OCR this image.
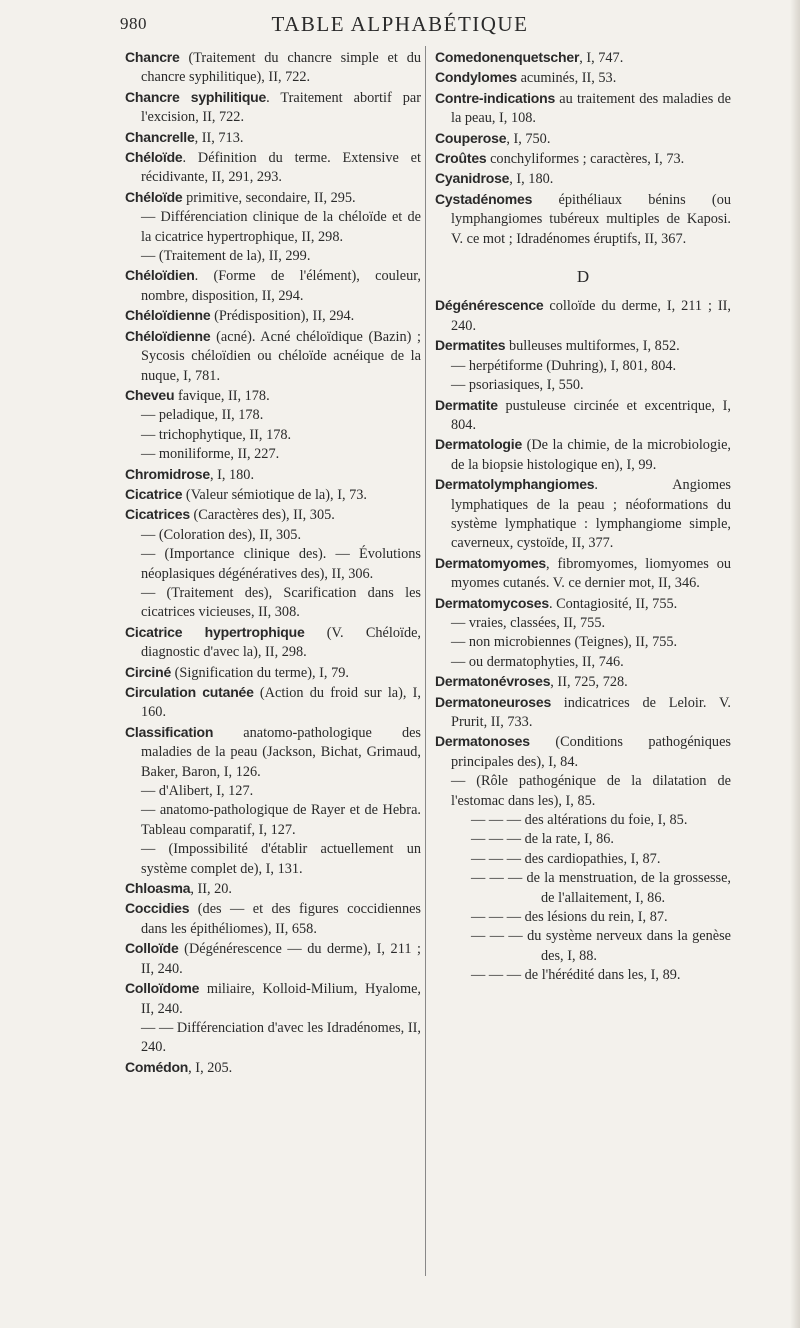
980	TABLE ALPHABÉTIQUE
Chancre (Traitement du chancre simple et du chancre syphilitique), II, 722.
Chancre syphilitique. Traitement abortif par l'excision, II, 722.
Chancrelle, II, 713.
Chéloïde. Définition du terme. Extensive et récidivante, II, 291, 293.
Chéloïde primitive, secondaire, II, 295.
— Différenciation clinique de la chéloïde et de la cicatrice hypertrophique, II, 298.
— (Traitement de la), II, 299.
Chéloïdien. (Forme de l'élément), couleur, nombre, disposition, II, 294.
Chéloïdienne (Prédisposition), II, 294.
Chéloïdienne (acné). Acné chéloïdique (Bazin) ; Sycosis chéloïdien ou chéloïde acnéique de la nuque, I, 781.
Cheveu favique, II, 178.
— peladique, II, 178.
— trichophytique, II, 178.
— moniliforme, II, 227.
Chromidrose, I, 180.
Cicatrice (Valeur sémiotique de la), I, 73.
Cicatrices (Caractères des), II, 305.
— (Coloration des), II, 305.
— (Importance clinique des). — Évolutions néoplasiques dégénératives des), II, 306.
— (Traitement des), Scarification dans les cicatrices vicieuses, II, 308.
Cicatrice hypertrophique (V. Chéloïde, diagnostic d'avec la), II, 298.
Circiné (Signification du terme), I, 79.
Circulation cutanée (Action du froid sur la), I, 160.
Classification anatomo-pathologique des maladies de la peau (Jackson, Bichat, Grimaud, Baker, Baron, I, 126.
— d'Alibert, I, 127.
— anatomo-pathologique de Rayer et de Hebra. Tableau comparatif, I, 127.
— (Impossibilité d'établir actuellement un système complet de), I, 131.
Chloasma, II, 20.
Coccidies (des — et des figures coccidiennes dans les épithéliomes), II, 658.
Colloïde (Dégénérescence — du derme), I, 211 ; II, 240.
Colloïdome miliaire, Kolloid-Milium, Hyalome, II, 240.
— — Différenciation d'avec les Idradénomes, II, 240.
Comédon, I, 205.
Comedonenquetscher, I, 747.
Condylomes acuminés, II, 53.
Contre-indications au traitement des maladies de la peau, I, 108.
Couperose, I, 750.
Croûtes conchyliformes ; caractères, I, 73.
Cyanidrose, I, 180.
Cystadénomes épithéliaux bénins (ou lymphangiomes tubéreux multiples de Kaposi. V. ce mot ; Idradénomes éruptifs, II, 367.
D
Dégénérescence colloïde du derme, I, 211 ; II, 240.
Dermatites bulleuses multiformes, I, 852.
— herpétiforme (Duhring), I, 801, 804.
— psoriasiques, I, 550.
Dermatite pustuleuse circinée et excentrique, I, 804.
Dermatologie (De la chimie, de la microbiologie, de la biopsie histologique en), I, 99.
Dermatolymphangiomes. Angiomes lymphatiques de la peau ; néoformations du système lymphatique : lymphangiome simple, caverneux, cystoïde, II, 377.
Dermatomyomes, fibromyomes, liomyomes ou myomes cutanés. V. ce dernier mot, II, 346.
Dermatomycoses. Contagiosité, II, 755.
— vraies, classées, II, 755.
— non microbiennes (Teignes), II, 755.
— ou dermatophyties, II, 746.
Dermatonévroses, II, 725, 728.
Dermatoneuroses indicatrices de Leloir. V. Prurit, II, 733.
Dermatonoses (Conditions pathogéniques principales des), I, 84.
— (Rôle pathogénique de la dilatation de l'estomac dans les), I, 85.
— — — des altérations du foie, I, 85.
— — — de la rate, I, 86.
— — — des cardiopathies, I, 87.
— — — de la menstruation, de la grossesse, de l'allaitement, I, 86.
— — — des lésions du rein, I, 87.
— — — du système nerveux dans la genèse des, I, 88.
— — — de l'hérédité dans les, I, 89.
